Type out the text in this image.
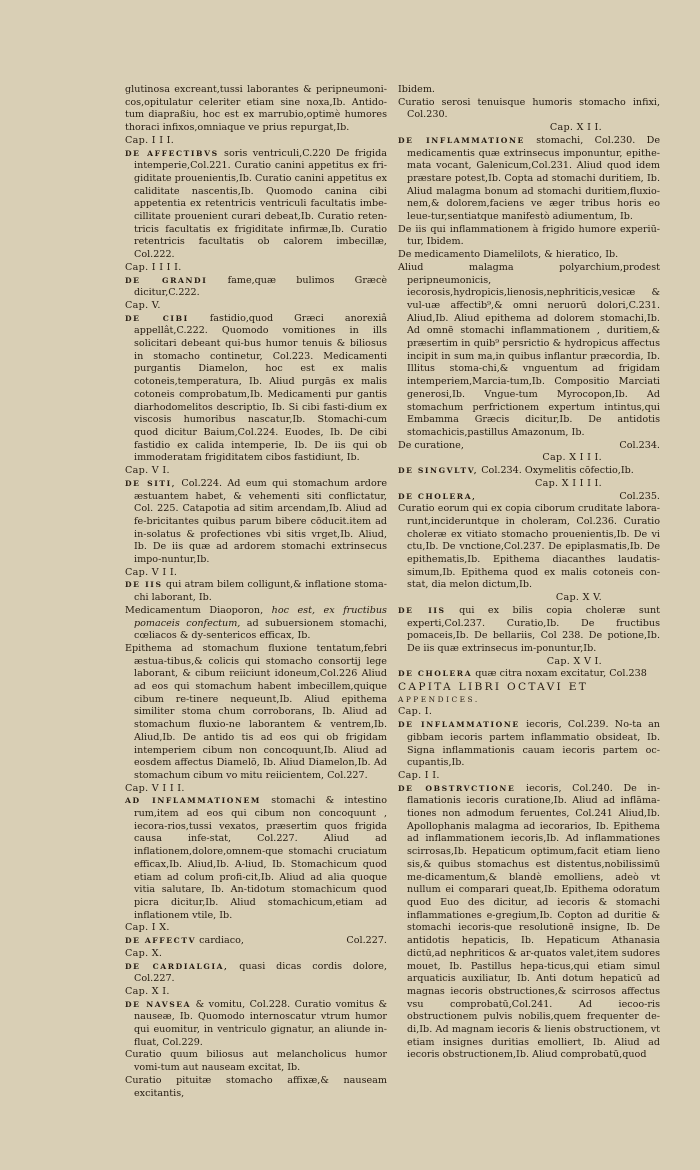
glutinosa excreant,tussi laborantes & peripneumoni-cos,opitulatur celeriter etiam sine noxa,Ib. Antido-tum diapraßiu, hoc est ex marrubio,optimè humores thoraci infixos,omniaque ve prius repurgat,Ib.

Cap. I I I.

DE AFFECTIBVS soris ventriculi,C.220 De frigida intemperie,Col.221. Curatio canini appetitus ex fri-giditate prouenientis,Ib. Curatio canini appetitus ex caliditate nascentis,Ib. Quomodo canina cibi appetentia ex retentricis ventriculi facultatis imbe-cillitate prouenient curari debeat,Ib. Curatio reten-tricis facultatis ex frigiditate infirmæ,Ib. Curatio retentricis facultatis ob calorem imbecillæ, Col.222.

Cap. I I I I.

DE GRANDI fame,quæ bulimos Græcè dicitur,C.222.

Cap. V.

DE CIBI fastidio,quod Græci anorexiâ appellât,C.222. Quomodo vomitiones in ills solicitari debeant qui-bus humor tenuis & biliosus in stomacho continetur, Col.223. Medicamenti purgantis Diamelon, hoc est ex malis cotoneis,temperatura, Ib. Aliud purgās ex malis cotoneis comprobatum,Ib. Medicamenti pur gantis diarhodomelitos descriptio, Ib. Si cibi fasti-dium ex viscosis humoribus nascatur,Ib. Stomachi-cum quod dicitur Baium,Col.224. Euodes, Ib. De cibi fastidio ex calida intemperie, Ib. De iis qui ob immoderatam frigiditatem cibos fastidiunt, Ib.

Cap. V I.

DE SITI, Col.224. Ad eum qui stomachum ardore æstuantem habet, & vehementi siti conflictatur, Col. 225. Catapotia ad sitim arcendam,Ib. Aliud ad fe-bricitantes quibus parum bibere cōducit.item ad in-solatus & profectiones vbi sitis vrget,Ib. Aliud, Ib. De iis quæ ad ardorem stomachi extrinsecus impo-nuntur,Ib.

Cap. V I I.

DE IIS qui atram bilem colligunt,& inflatione stoma-chi laborant, Ib.

Medicamentum Diaoporon, hoc est, ex fructibus pomaceis confectum, ad subuersionem stomachi, cœliacos & dy-sentericos efficax, Ib.

Epithema ad stomachum fluxione tentatum,febri æstua-tibus,& colicis qui stomacho consortij lege laborant, & cibum reiiciunt idoneum,Col.226 Aliud ad eos qui stomachum habent imbecillem,quique cibum re-tinere nequeunt,Ib. Aliud epithema similiter stoma chum corroborans, Ib. Aliud ad stomachum fluxio-ne laborantem & ventrem,Ib. Aliud,Ib. De antido tis ad eos qui ob frigidam intemperiem cibum non concoquunt,Ib. Aliud ad eosdem affectus Diamelō, Ib. Aliud Diamelon,Ib. Ad stomachum cibum vo mitu reiicientem, Col.227.

Cap. V I I I.

AD INFLAMMATIONEM stomachi & intestino rum,item ad eos qui cibum non concoquunt , iecora-rios,tussi vexatos, præsertim quos frigida causa infe-stat, Col.227. Aliud ad inflationem,dolore,omnem-que stomachi cruciatum efficax,Ib. Aliud,Ib. A-liud, Ib. Stomachicum quod etiam ad colum profi-cit,Ib. Aliud ad alia quoque vitia salutare, Ib. An-tidotum stomachicum quod picra dicitur,Ib. Aliud stomachicum,etiam ad inflationem vtile, Ib.

Cap. I X.

DE AFFECTV cardiaco,	Col.227.

Cap. X.

DE CARDIALGIA, quasi dicas cordis dolore, Col.227.

Cap. X I.

DE NAVSEA & vomitu, Col.228. Curatio vomitus & nauseæ, Ib. Quomodo internoscatur vtrum humor qui euomitur, in ventriculo gignatur, an aliunde in-fluat, Col.229.

Curatio quum biliosus aut melancholicus humor vomi-tum aut nauseam excitat, Ib.

Curatio pituitæ stomacho affixæ,& nauseam excitantis,

Ibidem.

Curatio serosi tenuisque humoris stomacho infixi, Col.230.

Cap. X I I.

DE INFLAMMATIONE stomachi, Col.230. De medicamentis quæ extrinsecus imponuntur, epithe-mata vocant, Galenicum,Col.231. Aliud quod idem præstare potest,Ib. Copta ad stomachi duritiem, Ib. Aliud malagma bonum ad stomachi duritiem,fluxio-nem,& dolorem,faciens ve æger tribus horis eo leue-tur,sentiatque manifestò adiumentum, Ib.

De iis qui inflammationem à frigido humore experiū-tur, Ibidem.

De medicamento Diamelilots, & hieratico, Ib.

Aliud malagma polyarchium,prodest peripneumonicis, iecorosis,hydropicis,lienosis,nephriticis,vesicæ & vul-uæ affectib⁹,& omni neruorū dolori,C.231. Aliud,Ib. Aliud epithema ad dolorem stomachi,Ib. Ad omnē stomachi inflammationem , duritiem,& præsertim in quib⁹ persrictio & hydropicus affectus incipit in sum ma,in quibus inflantur præcordia, Ib. Illitus stoma-chi,& vnguentum ad frigidam intemperiem,Marcia-tum,Ib. Compositio Marciati generosi,Ib. Vngue-tum Myrocopon,Ib. Ad stomachum perfrictionem expertum intintus,qui Embamma Græcis dicitur,Ib. De antidotis stomachicis,pastillus Amazonum, Ib.

De curatione,	Col.234.

Cap. X I I I.

DE SINGVLTV, Col.234. Oxymelitis cōfectio,Ib.

Cap. X I I I I.

DE CHOLERA,	Col.235.

Curatio eorum qui ex copia ciborum cruditate labora-runt,incideruntque in choleram, Col.236. Curatio choleræ ex vitiato stomacho prouenientis,Ib. De vi ctu,Ib. De vnctione,Col.237. De epiplasmatis,Ib. De epithematis,Ib. Epithema diacanthes laudatis-simum,Ib. Epithema quod ex malis cotoneis con-stat, dia melon dictum,Ib.

Cap. X V.

DE IIS qui ex bilis copia choleræ sunt experti,Col.237. Curatio,Ib. De fructibus pomaceis,Ib. De bellariis, Col 238. De potione,Ib. De iis quæ extrinsecus im-ponuntur,Ib.

Cap. X V I.

DE CHOLERA quæ citra noxam excitatur, Col.238

CAPITA LIBRI OCTAVI ET

APPENDICES.

Cap. I.

DE INFLAMMATIONE iecoris, Col.239. No-ta an gibbam iecoris partem inflammatio obsideat, Ib. Signa inflammationis cauam iecoris partem oc-cupantis,Ib.

Cap. I I.

DE OBSTRVCTIONE iecoris, Col.240. De in-flamationis iecoris curatione,Ib. Aliud ad inflāma-tiones non admodum feruentes, Col.241 Aliud,Ib. Apollophanis malagma ad iecorarios, Ib. Epithema ad inflammationem iecoris,Ib. Ad inflammationes scirrosas,Ib. Hepaticum optimum,facit etiam lieno sis,& quibus stomachus est distentus,nobilissimū me-dicamentum,& blandè emolliens, adeò vt nullum ei comparari queat,Ib. Epithema odoratum quod Euo des dicitur, ad iecoris & stomachi inflammationes e-gregium,Ib. Copton ad duritie & stomachi iecoris-que resolutionē insigne, Ib. De antidotis hepaticis, Ib. Hepaticum Athanasia dictū,ad nephriticos & ar-quatos valet,item sudores mouet, Ib. Pastillus hepa-ticus,qui etiam simul arquaticis auxiliatur, Ib. Anti dotum hepaticū ad magnas iecoris obstructiones,& scirrosos affectus vsu comprobatū,Col.241. Ad iecoo-ris obstructionem pulvis nobilis,quem frequenter de-di,Ib. Ad magnam iecoris & lienis obstructionem, vt etiam insignes duritias emolliert, Ib. Aliud ad iecoris obstructionem,Ib. Aliud comprobatū,quod
